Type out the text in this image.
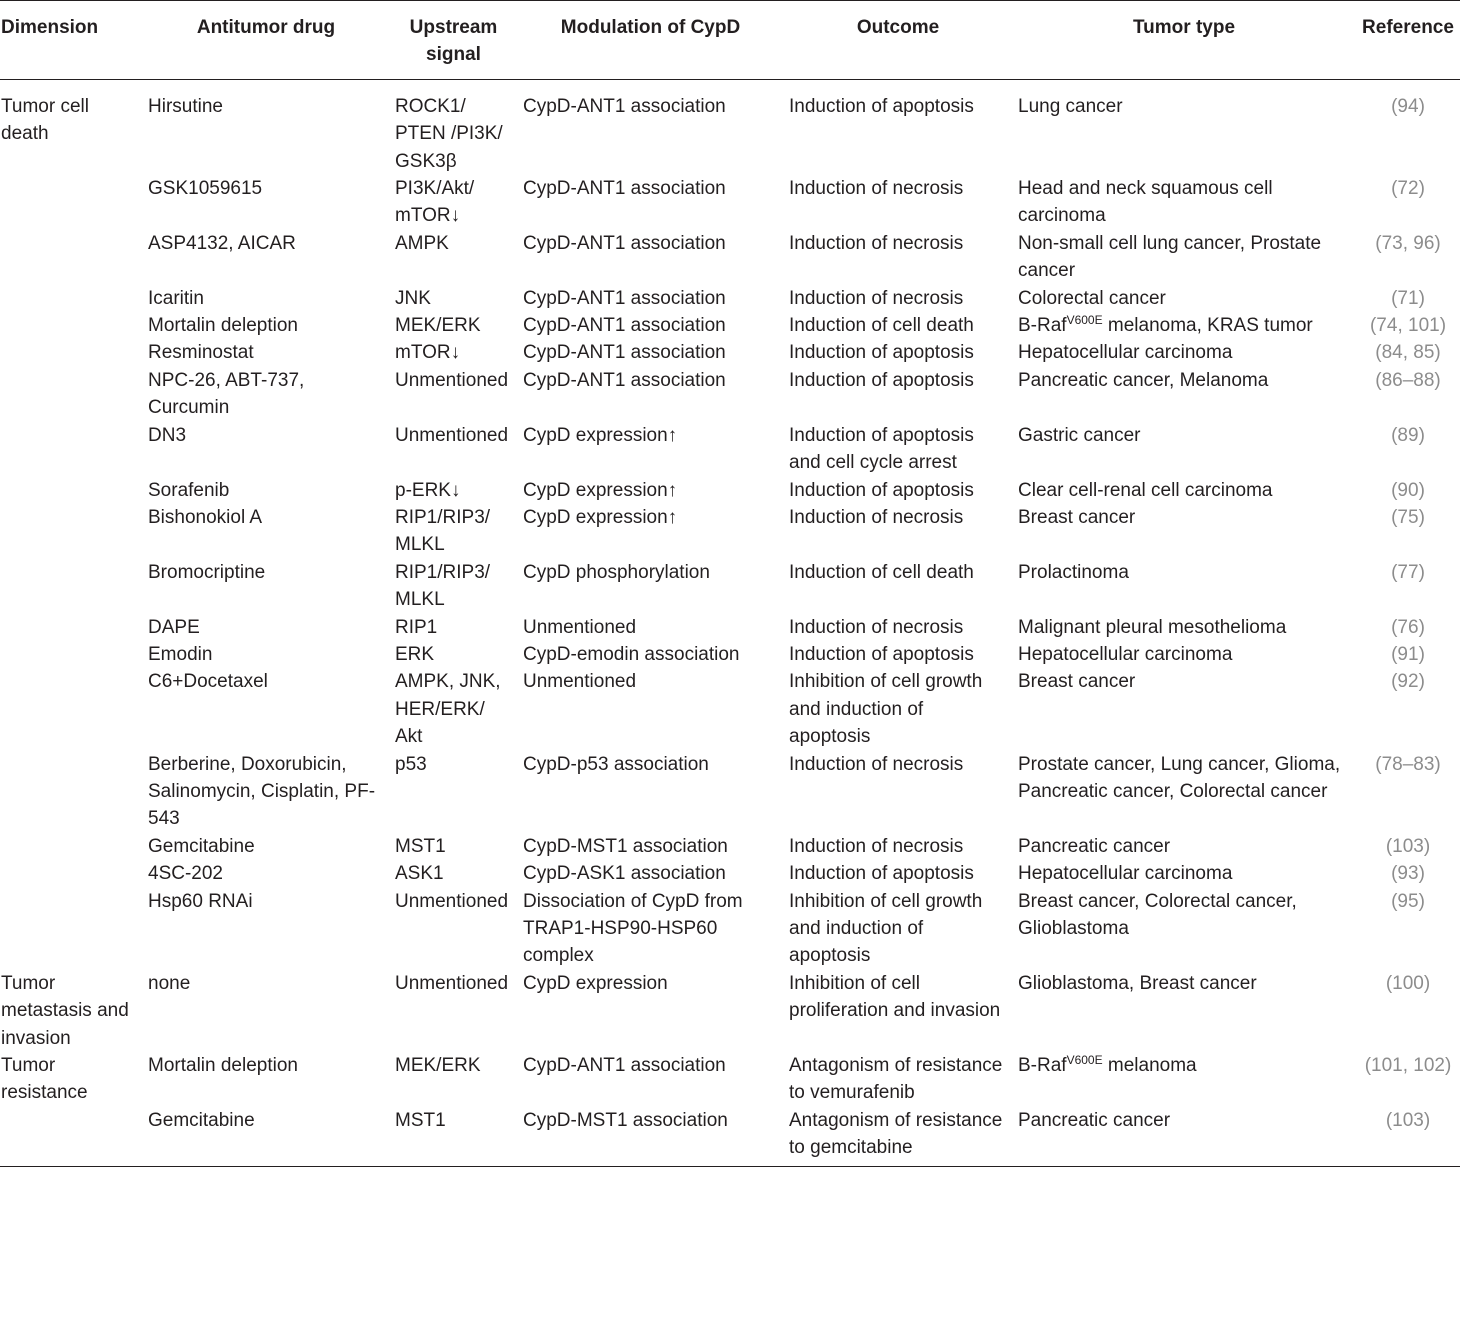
Dimension	Antitumor drug	Upstream signal	Modulation of CypD	Outcome	Tumor type	Reference
Tumor cell death	Hirsutine	ROCK1/ PTEN /PI3K/ GSK3β	CypD-ANT1 association	Induction of apoptosis	Lung cancer	(94)
	GSK1059615	PI3K/Akt/ mTOR↓	CypD-ANT1 association	Induction of necrosis	Head and neck squamous cell carcinoma	(72)
	ASP4132, AICAR	AMPK	CypD-ANT1 association	Induction of necrosis	Non-small cell lung cancer, Prostate cancer	(73, 96)
	Icaritin	JNK	CypD-ANT1 association	Induction of necrosis	Colorectal cancer	(71)
	Mortalin deleption	MEK/ERK	CypD-ANT1 association	Induction of cell death	B-Raf$^{V600E}$ melanoma, KRAS tumor	(74, 101)
	Resminostat	mTOR↓	CypD-ANT1 association	Induction of apoptosis	Hepatocellular carcinoma	(84, 85)
	NPC-26, ABT-737, Curcumin	Unmentioned	CypD-ANT1 association	Induction of apoptosis	Pancreatic cancer, Melanoma	(86–88)
	DN3	Unmentioned	CypD expression↑	Induction of apoptosis and cell cycle arrest	Gastric cancer	(89)
	Sorafenib	p-ERK↓	CypD expression↑	Induction of apoptosis	Clear cell-renal cell carcinoma	(90)
	Bishonokiol A	RIP1/RIP3/ MLKL	CypD expression↑	Induction of necrosis	Breast cancer	(75)
	Bromocriptine	RIP1/RIP3/ MLKL	CypD phosphorylation	Induction of cell death	Prolactinoma	(77)
	DAPE	RIP1	Unmentioned	Induction of necrosis	Malignant pleural mesothelioma	(76)
	Emodin	ERK	CypD-emodin association	Induction of apoptosis	Hepatocellular carcinoma	(91)
	C6+Docetaxel	AMPK, JNK, HER/ERK/ Akt	Unmentioned	Inhibition of cell growth and induction of apoptosis	Breast cancer	(92)
	Berberine, Doxorubicin, Salinomycin, Cisplatin, PF-543	p53	CypD-p53 association	Induction of necrosis	Prostate cancer, Lung cancer, Glioma, Pancreatic cancer, Colorectal cancer	(78–83)
	Gemcitabine	MST1	CypD-MST1 association	Induction of necrosis	Pancreatic cancer	(103)
	4SC-202	ASK1	CypD-ASK1 association	Induction of apoptosis	Hepatocellular carcinoma	(93)
	Hsp60 RNAi	Unmentioned	Dissociation of CypD from TRAP1-HSP90-HSP60 complex	Inhibition of cell growth and induction of apoptosis	Breast cancer, Colorectal cancer, Glioblastoma	(95)
Tumor metastasis and invasion	none	Unmentioned	CypD expression	Inhibition of cell proliferation and invasion	Glioblastoma, Breast cancer	(100)
Tumor resistance	Mortalin deleption	MEK/ERK	CypD-ANT1 association	Antagonism of resistance to vemurafenib	B-Raf$^{V600E}$ melanoma	(101, 102)
	Gemcitabine	MST1	CypD-MST1 association	Antagonism of resistance to gemcitabine	Pancreatic cancer	(103)
